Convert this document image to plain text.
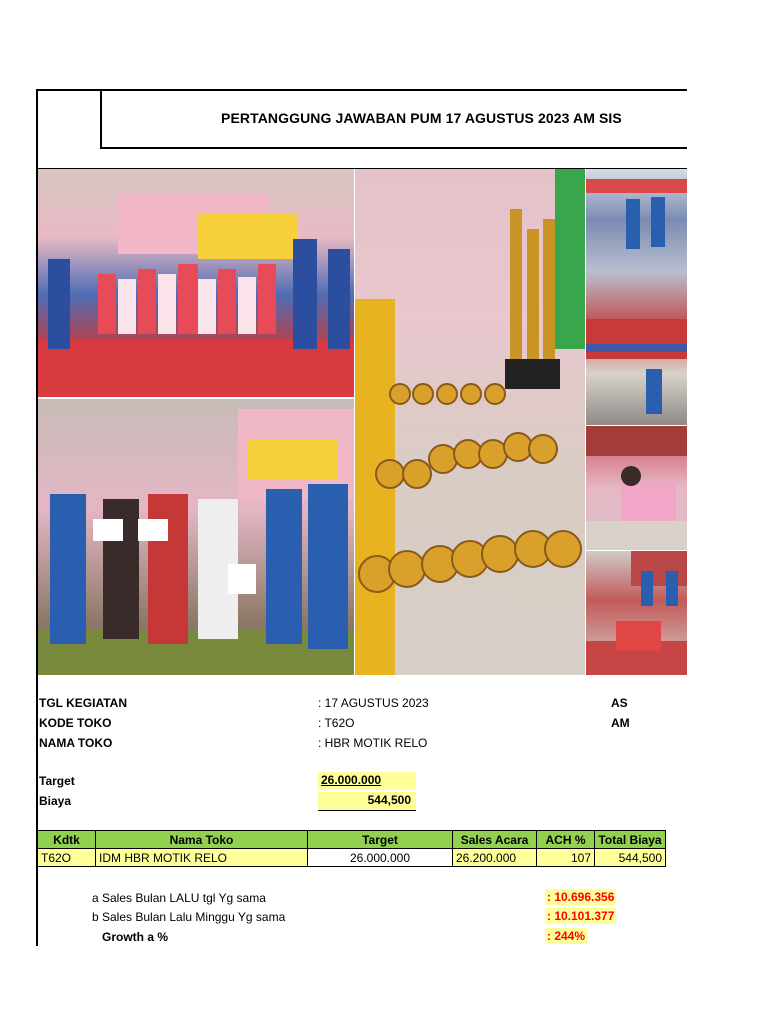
PERTANGGUNG JAWABAN PUM 17 AGUSTUS 2023 AM SIS
TGL KEGIATAN	: 17 AGUSTUS 2023	AS
KODE TOKO	: T62O	AM
NAMA TOKO	: HBR MOTIK RELO
Target	26.000.000
Biaya	544,500
Kdtk	Nama Toko	Target	Sales Acara	ACH %	Total Biaya
T62O	IDM HBR MOTIK RELO	26.000.000	26.200.000	107	544,500
a Sales Bulan LALU tgl Yg sama	: 10.696.356
b Sales Bulan Lalu Minggu Yg sama	: 10.101.377
Growth a %	: 244%
